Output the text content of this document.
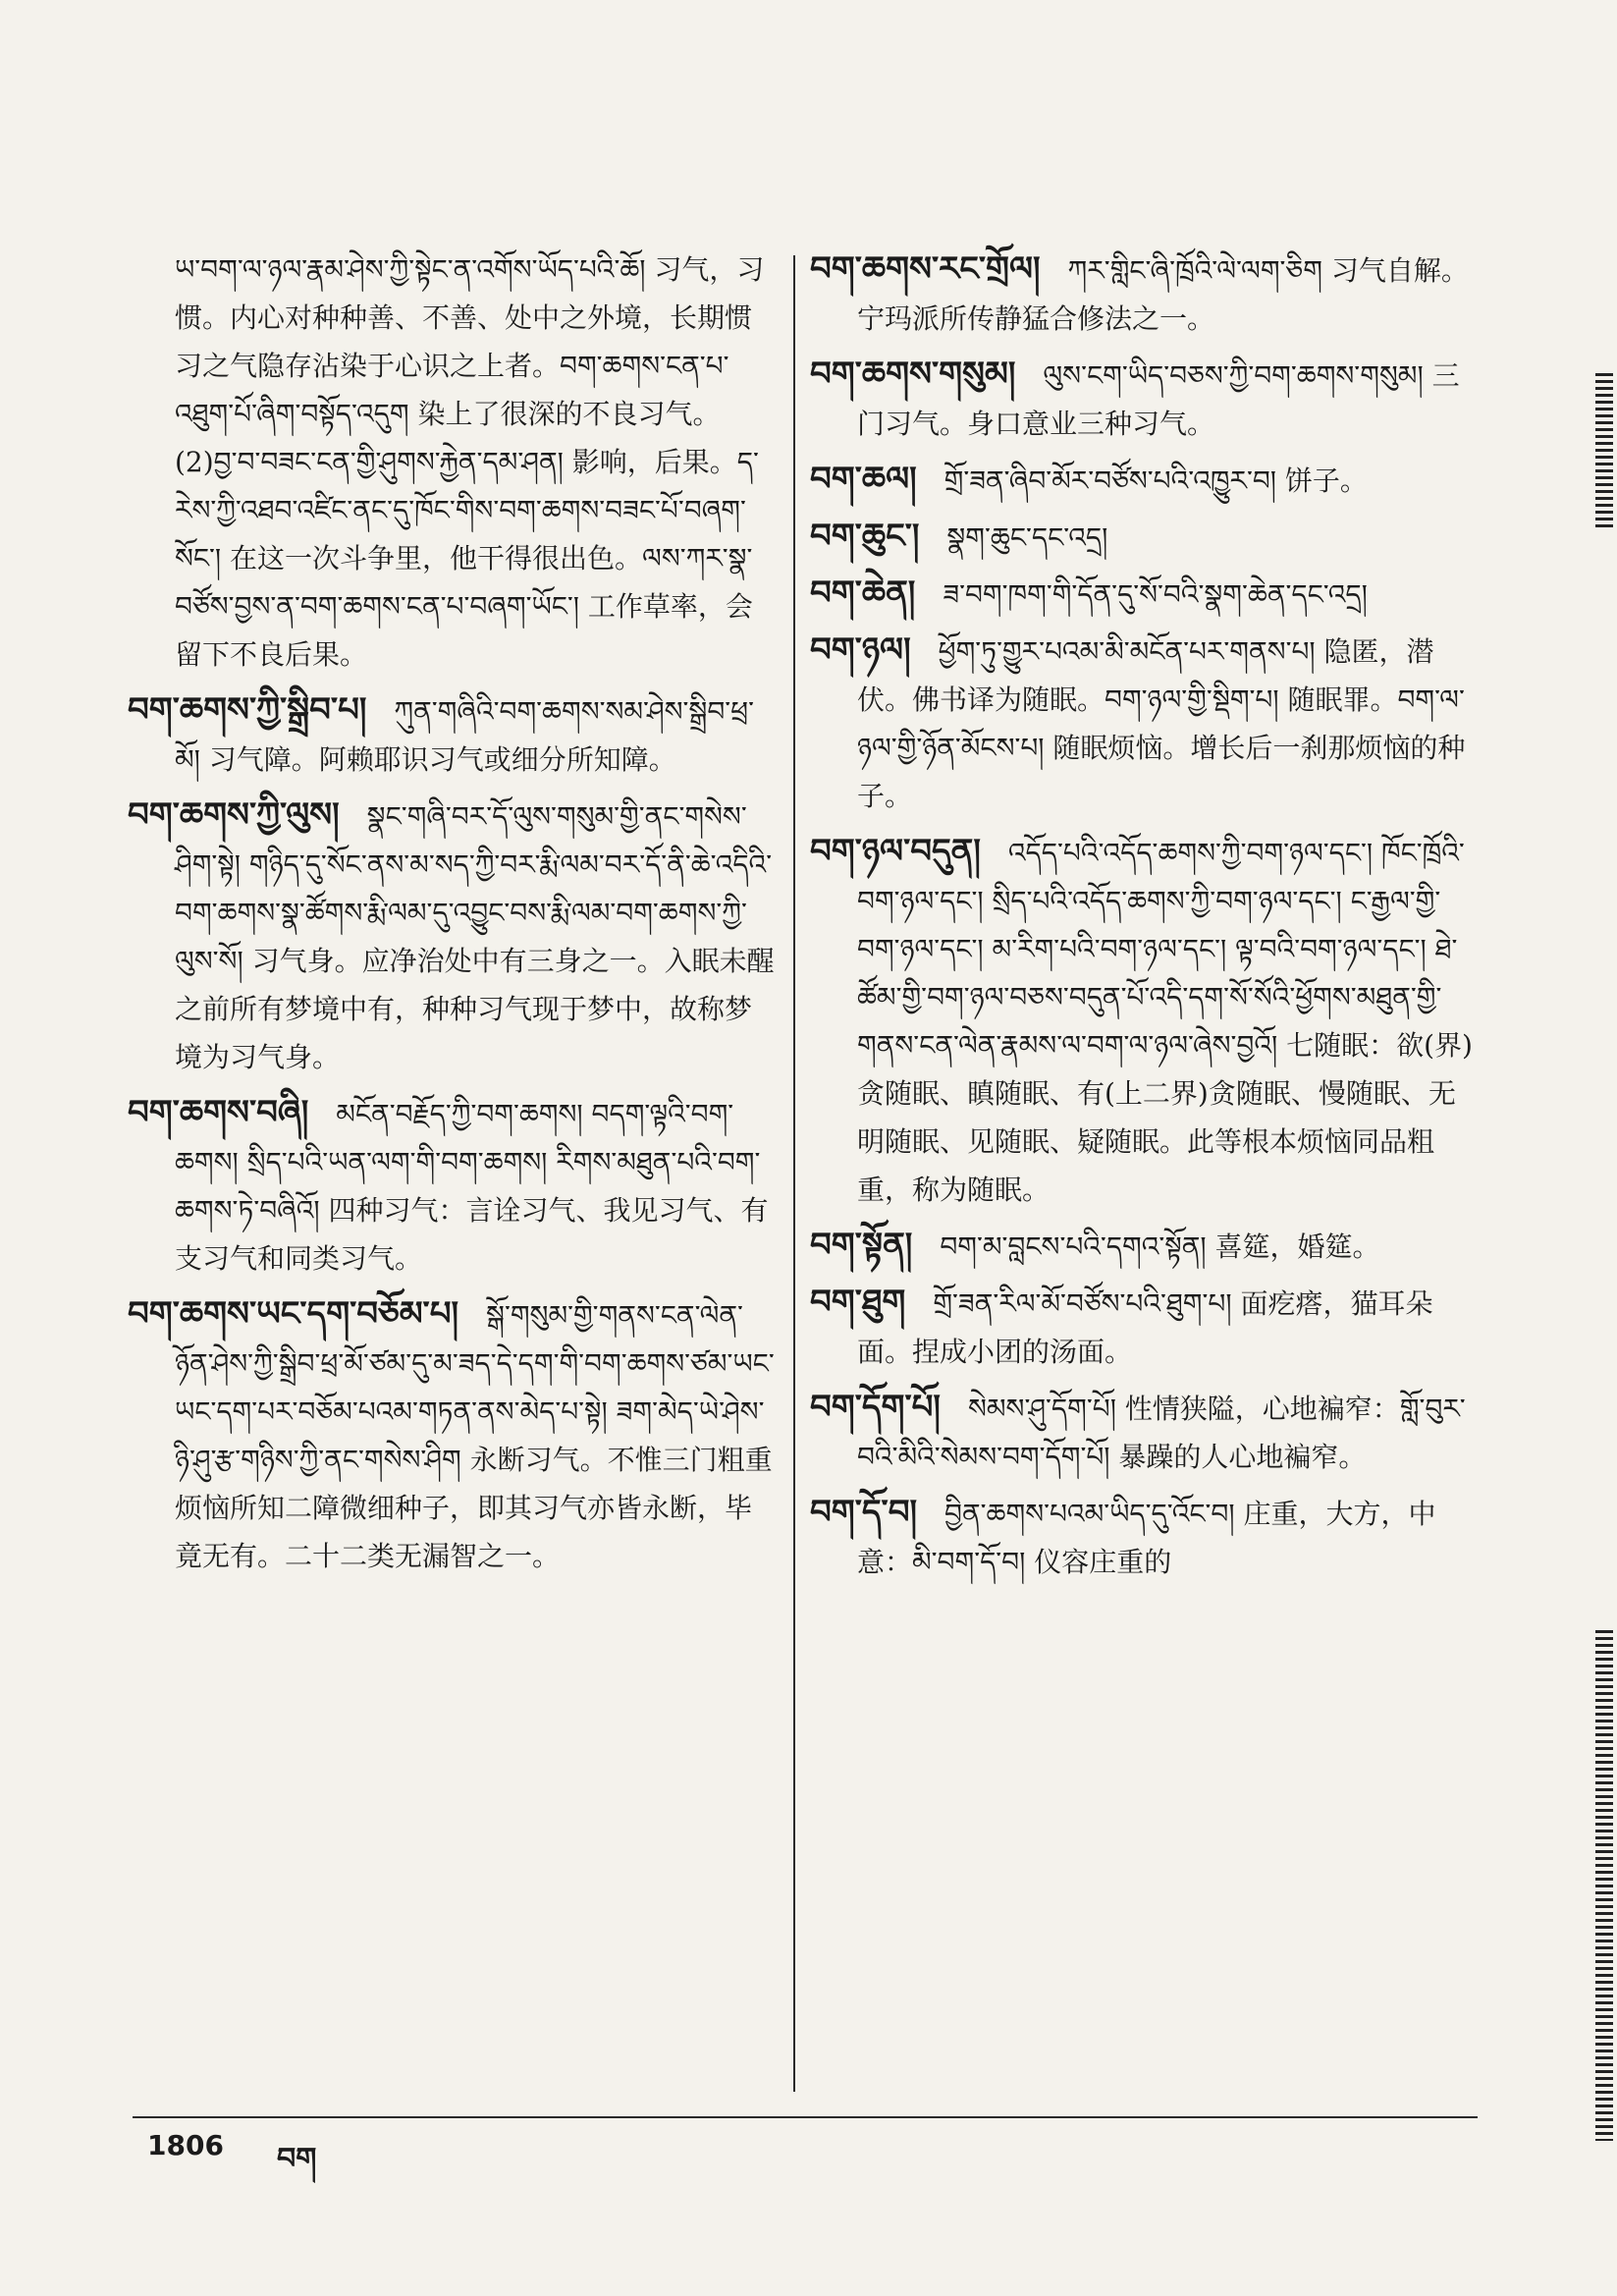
ཡ་བག་ལ་ཉལ་རྣམ་ཤེས་ཀྱི་སྟེང་ན་འགོས་ཡོད་པའི་ཆོ། 习气，习惯。内心对种种善、不善、处中之外境，长期惯习之气隐存沾染于心识之上者。བག་ཆགས་ངན་པ་འཐུག་པོ་ཞིག་བསྟོད་འདུག 染上了很深的不良习气。(2)བྱ་བ་བཟང་ངན་གྱི་ཤུགས་རྐྱེན་དམ་ཤན། 影响，后果。ད་རེས་ཀྱི་འཐབ་འཛིང་ནང་དུ་ཁོང་གིས་བག་ཆགས་བཟང་པོ་བཞག་སོང་། 在这一次斗争里，他干得很出色。ལས་ཀར་སྣ་བཙོས་བྱས་ན་བག་ཆགས་ངན་པ་བཞག་ཡོང་། 工作草率，会留下不良后果。
བག་ཆགས་ཀྱི་སྒྲིབ་པ། ཀུན་གཞིའི་བག་ཆགས་སམ་ཤེས་སྒྲིབ་ཕྲ་མོ། 习气障。阿赖耶识习气或细分所知障。
བག་ཆགས་ཀྱི་ལུས། སྣང་གཞི་བར་དོ་ལུས་གསུམ་གྱི་ནང་གསེས་ཤིག་སྟེ། གཉིད་དུ་སོང་ནས་མ་སད་ཀྱི་བར་རྨི་ལམ་བར་དོ་ནི་ཆེ་འདིའི་བག་ཆགས་སྣ་ཚོགས་རྨི་ལམ་དུ་འབྱུང་བས་རྨི་ལམ་བག་ཆགས་ཀྱི་ལུས་སོ། 习气身。应净治处中有三身之一。入眠未醒之前所有梦境中有，种种习气现于梦中，故称梦境为习气身。
བག་ཆགས་བཞི། མངོན་བརྗོད་ཀྱི་བག་ཆགས། བདག་ལྟའི་བག་ཆགས། སྲིད་པའི་ཡན་ལག་གི་བག་ཆགས། རིགས་མཐུན་པའི་བག་ཆགས་ཏེ་བཞིའོ། 四种习气：言诠习气、我见习气、有支习气和同类习气。
བག་ཆགས་ཡང་དག་བཅོམ་པ། སྒོ་གསུམ་གྱི་གནས་ངན་ལེན་ཉོན་ཤེས་ཀྱི་སྒྲིབ་ཕྲ་མོ་ཙམ་དུ་མ་ཟད་དེ་དག་གི་བག་ཆགས་ཙམ་ཡང་ཡང་དག་པར་བཅོམ་པའམ་གཏན་ནས་མེད་པ་སྟེ། ཟག་མེད་ཡེ་ཤེས་ཉི་ཤུ་རྩ་གཉིས་ཀྱི་ནང་གསེས་ཤིག 永断习气。不惟三门粗重烦恼所知二障微细种子，即其习气亦皆永断，毕竟无有。二十二类无漏智之一。
བག་ཆགས་རང་གྲོལ། ཀར་གླིང་ཞི་ཁྲོའི་ལེ་ལག་ཅིག 习气自解。宁玛派所传静猛合修法之一。
བག་ཆགས་གསུམ། ལུས་ངག་ཡིད་བཅས་ཀྱི་བག་ཆགས་གསུམ། 三门习气。身口意业三种习气。
བག་ཆལ། གྲོ་ཟན་ཞིབ་མོར་བཙོས་པའི་འཁྱུར་བ། 饼子。
བག་ཆུང་། སྣག་ཆུང་དང་འདྲ།
བག་ཆེན། ཟ་བག་ཁག་གི་དོན་དུ་སོ་བའི་སྣག་ཆེན་དང་འདྲ།
བག་ཉལ། ཕྱོག་ཏུ་གྱུར་པའམ་མི་མངོན་པར་གནས་པ། 隐匿，潜伏。佛书译为随眠。བག་ཉལ་གྱི་སྡིག་པ། 随眠罪。བག་ལ་ཉལ་གྱི་ཉོན་མོངས་པ། 随眠烦恼。增长后一刹那烦恼的种子。
བག་ཉལ་བདུན། འདོད་པའི་འདོད་ཆགས་ཀྱི་བག་ཉལ་དང་། ཁོང་ཁྲོའི་བག་ཉལ་དང་། སྲིད་པའི་འདོད་ཆགས་ཀྱི་བག་ཉལ་དང་། ང་རྒྱལ་གྱི་བག་ཉལ་དང་། མ་རིག་པའི་བག་ཉལ་དང་། ལྟ་བའི་བག་ཉལ་དང་། ཐེ་ཚོམ་གྱི་བག་ཉལ་བཅས་བདུན་པོ་འདི་དག་སོ་སོའི་ཕྱོགས་མཐུན་གྱི་གནས་ངན་ལེན་རྣམས་ལ་བག་ལ་ཉལ་ཞེས་བྱའོ། 七随眠：欲(界)贪随眠、瞋随眠、有(上二界)贪随眠、慢随眠、无明随眠、见随眠、疑随眠。此等根本烦恼同品粗重，称为随眠。
བག་སྟོན། བག་མ་བླངས་པའི་དགའ་སྟོན། 喜筵，婚筵。
བག་ཐུག གྲོ་ཟན་རིལ་མོ་བཙོས་པའི་ཐུག་པ། 面疙瘩，猫耳朵面。捏成小团的汤面。
བག་དོག་པོ། སེམས་ཤུ་དོག་པོ། 性情狭隘，心地褊窄：གློ་བུར་བའི་མིའི་སེམས་བག་དོག་པོ། 暴躁的人心地褊窄。
བག་དོ་བ། བྱིན་ཆགས་པའམ་ཡིད་དུ་འོང་བ། 庄重，大方，中意：མི་བག་དོ་བ། 仪容庄重的
1806 བག
